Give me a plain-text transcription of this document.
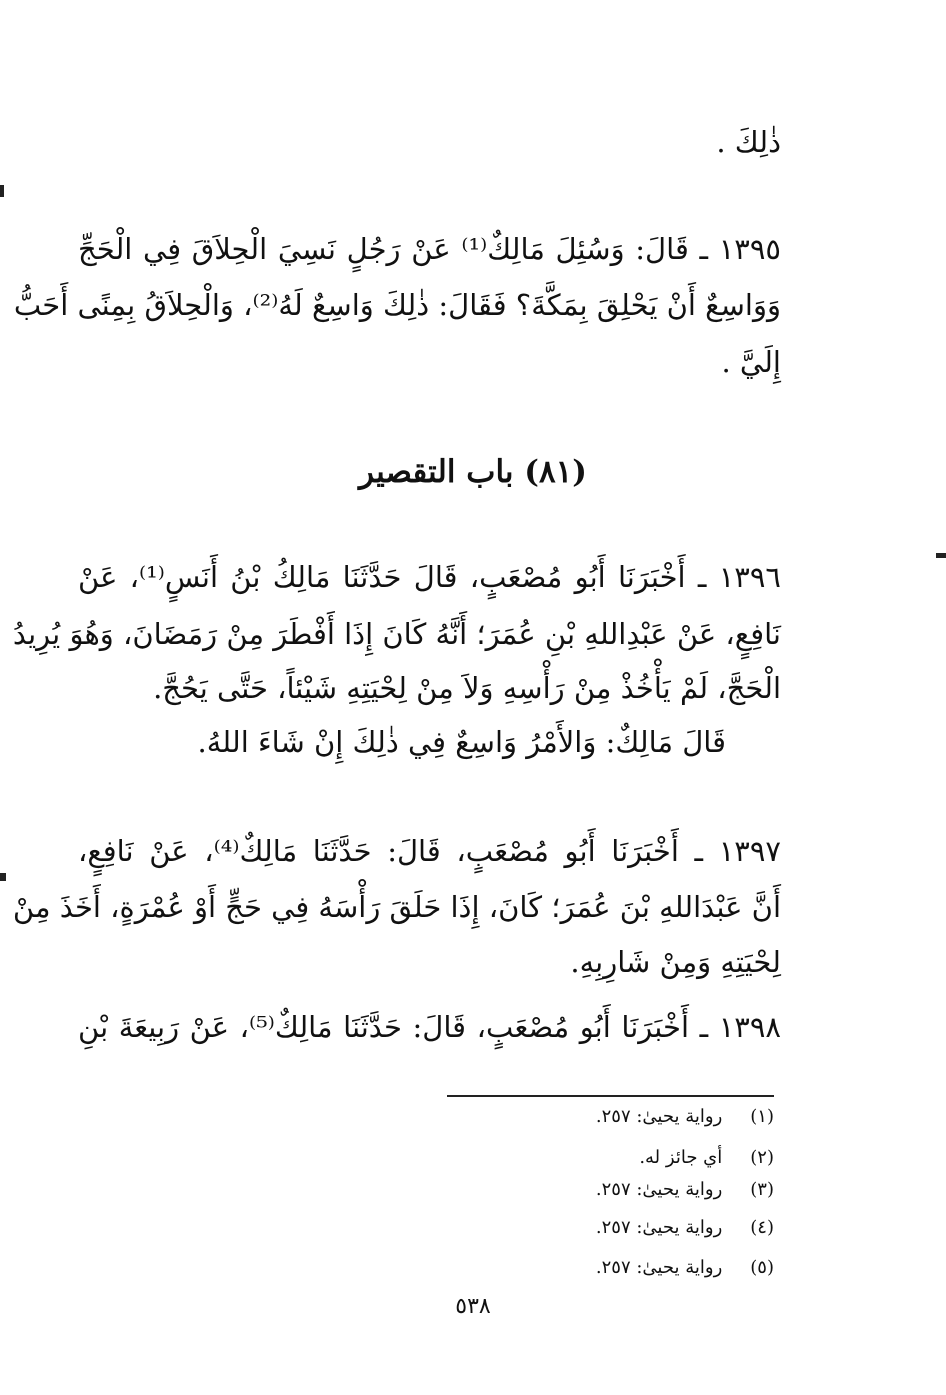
ذٰلِكَ .
١٣٩٥ ـ قَالَ: وَسُئِلَ مَالِكٌ⁽¹⁾ عَنْ رَجُلٍ نَسِيَ الْحِلاَقَ فِي الْحَجِّ
وَوَاسِعٌ أَنْ يَحْلِقَ بِمَكَّةَ؟ فَقَالَ: ذٰلِكَ وَاسِعٌ لَهُ⁽²⁾، وَالْحِلاَقُ بِمِنًى أَحَبُّ
إِلَيَّ .
(٨١) باب التقصير
١٣٩٦ ـ أَخْبَرَنَا أَبُو مُصْعَبٍ، قَالَ حَدَّثَنَا مَالِكُ بْنُ أَنَسٍ⁽¹⁾، عَنْ
نَافِعٍ، عَنْ عَبْدِاللهِ بْنِ عُمَرَ؛ أَنَّهُ كَانَ إِذَا أَفْطَرَ مِنْ رَمَضَانَ، وَهُوَ يُرِيدُ
الْحَجَّ، لَمْ يَأْخُذْ مِنْ رَأْسِهِ وَلاَ مِنْ لِحْيَتِهِ شَيْئاً، حَتَّى يَحُجَّ.
قَالَ مَالِكٌ: وَالأَمْرُ وَاسِعٌ فِي ذٰلِكَ إِنْ شَاءَ اللهُ.
١٣٩٧ ـ أَخْبَرَنَا أَبُو مُصْعَبٍ، قَالَ: حَدَّثَنَا مَالِكٌ⁽⁴⁾، عَنْ نَافِعٍ،
أَنَّ عَبْدَاللهِ بْنَ عُمَرَ؛ كَانَ، إِذَا حَلَقَ رَأْسَهُ فِي حَجٍّ أَوْ عُمْرَةٍ، أَخَذَ مِنْ
لِحْيَتِهِ وَمِنْ شَارِبِهِ.
١٣٩٨ ـ أَخْبَرَنَا أَبُو مُصْعَبٍ، قَالَ: حَدَّثَنَا مَالِكٌ⁽⁵⁾، عَنْ رَبِيعَةَ بْنِ
(١) رواية يحيىٰ: ٢٥٧.
(٢) أي جائز له.
(٣) رواية يحيىٰ: ٢٥٧.
(٤) رواية يحيىٰ: ٢٥٧.
(٥) رواية يحيىٰ: ٢٥٧.
٥٣٨
